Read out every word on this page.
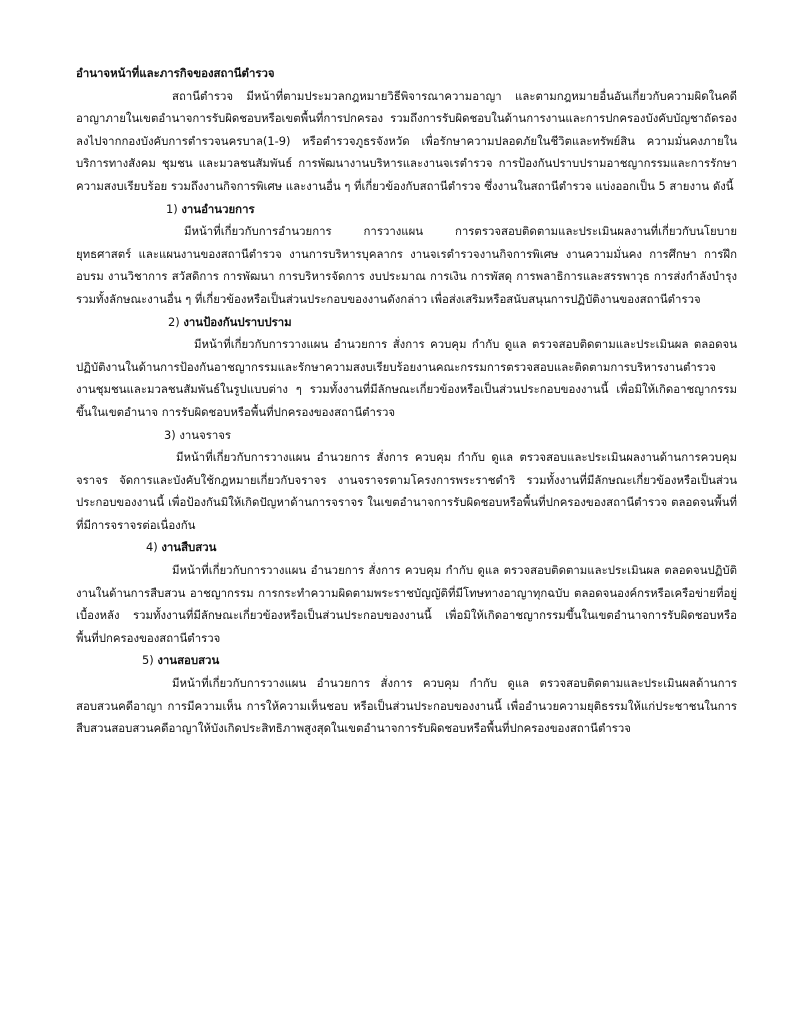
อำนาจหน้าที่และภารกิจของสถานีตำรวจ

สถานีตำรวจ มีหน้าที่ตามประมวลกฎหมายวิธีพิจารณาความอาญา และตามกฎหมายอื่นอันเกี่ยวกับความผิดในคดีอาญาภายในเขตอำนาจการรับผิดชอบหรือเขตพื้นที่การปกครอง รวมถึงการรับผิดชอบในด้านการงานและการปกครองบังคับบัญชาถัดรองลงไปจากกองบังคับการตำรวจนครบาล(1-9) หรือตำรวจภูธรจังหวัด เพื่อรักษาความปลอดภัยในชีวิตและทรัพย์สิน ความมั่นคงภายใน บริการทางสังคม ชุมชน และมวลชนสัมพันธ์ การพัฒนางานบริหารและงานจเรตำรวจ การป้องกันปราบปรามอาชญากรรมและการรักษาความสงบเรียบร้อย รวมถึงงานกิจการพิเศษ และงานอื่น ๆ ที่เกี่ยวข้องกับสถานีตำรวจ ซึ่งงานในสถานีตำรวจ แบ่งออกเป็น 5 สายงาน ดังนี้

1) งานอำนวยการ

มีหน้าที่เกี่ยวกับการอำนวยการ การวางแผน การตรวจสอบติดตามและประเมินผลงานที่เกี่ยวกับนโยบาย ยุทธศาสตร์ และแผนงานของสถานีตำรวจ งานการบริหารบุคลากร งานจเรตำรวจงานกิจการพิเศษ งานความมั่นคง การศึกษา การฝึกอบรม งานวิชาการ สวัสดิการ การพัฒนา การบริหารจัดการ งบประมาณ การเงิน การพัสดุ การพลาธิการและสรรพาวุธ การส่งกำลังบำรุง รวมทั้งลักษณะงานอื่น ๆ ที่เกี่ยวข้องหรือเป็นส่วนประกอบของงานดังกล่าว เพื่อส่งเสริมหรือสนับสนุนการปฏิบัติงานของสถานีตำรวจ

2) งานป้องกันปราบปราม

มีหน้าที่เกี่ยวกับการวางแผน อำนวยการ สั่งการ ควบคุม กำกับ ดูแล ตรวจสอบติดตามและประเมินผล ตลอดจนปฏิบัติงานในด้านการป้องกันอาชญากรรมและรักษาความสงบเรียบร้อยงานคณะกรรมการตรวจสอบและติดตามการบริหารงานตำรวจ งานชุมชนและมวลชนสัมพันธ์ในรูปแบบต่าง ๆ รวมทั้งงานที่มีลักษณะเกี่ยวข้องหรือเป็นส่วนประกอบของงานนี้ เพื่อมิให้เกิดอาชญากรรมขึ้นในเขตอำนาจ การรับผิดชอบหรือพื้นที่ปกครองของสถานีตำรวจ

3) งานจราจร

มีหน้าที่เกี่ยวกับการวางแผน อำนวยการ สั่งการ ควบคุม กำกับ ดูแล ตรวจสอบและประเมินผลงานด้านการควบคุมจราจร จัดการและบังคับใช้กฎหมายเกี่ยวกับจราจร งานจราจรตามโครงการพระราชดำริ รวมทั้งงานที่มีลักษณะเกี่ยวข้องหรือเป็นส่วนประกอบของงานนี้ เพื่อป้องกันมิให้เกิดปัญหาด้านการจราจร ในเขตอำนาจการรับผิดชอบหรือพื้นที่ปกครองของสถานีตำรวจ ตลอดจนพื้นที่ที่มีการจราจรต่อเนื่องกัน

4) งานสืบสวน

มีหน้าที่เกี่ยวกับการวางแผน อำนวยการ สั่งการ ควบคุม กำกับ ดูแล ตรวจสอบติดตามและประเมินผล ตลอดจนปฏิบัติงานในด้านการสืบสวน อาชญากรรม การกระทำความผิดตามพระราชบัญญัติที่มีโทษทางอาญาทุกฉบับ ตลอดจนองค์กรหรือเครือข่ายที่อยู่เบื้องหลัง รวมทั้งงานที่มีลักษณะเกี่ยวข้องหรือเป็นส่วนประกอบของงานนี้ เพื่อมิให้เกิดอาชญากรรมขึ้นในเขตอำนาจการรับผิดชอบหรือพื้นที่ปกครองของสถานีตำรวจ

5) งานสอบสวน

มีหน้าที่เกี่ยวกับการวางแผน อำนวยการ สั่งการ ควบคุม กำกับ ดูแล ตรวจสอบติดตามและประเมินผลด้านการสอบสวนคดีอาญา การมีความเห็น การให้ความเห็นชอบ หรือเป็นส่วนประกอบของงานนี้ เพื่ออำนวยความยุติธรรมให้แก่ประชาชนในการสืบสวนสอบสวนคดีอาญาให้บังเกิดประสิทธิภาพสูงสุดในเขตอำนาจการรับผิดชอบหรือพื้นที่ปกครองของสถานีตำรวจ
